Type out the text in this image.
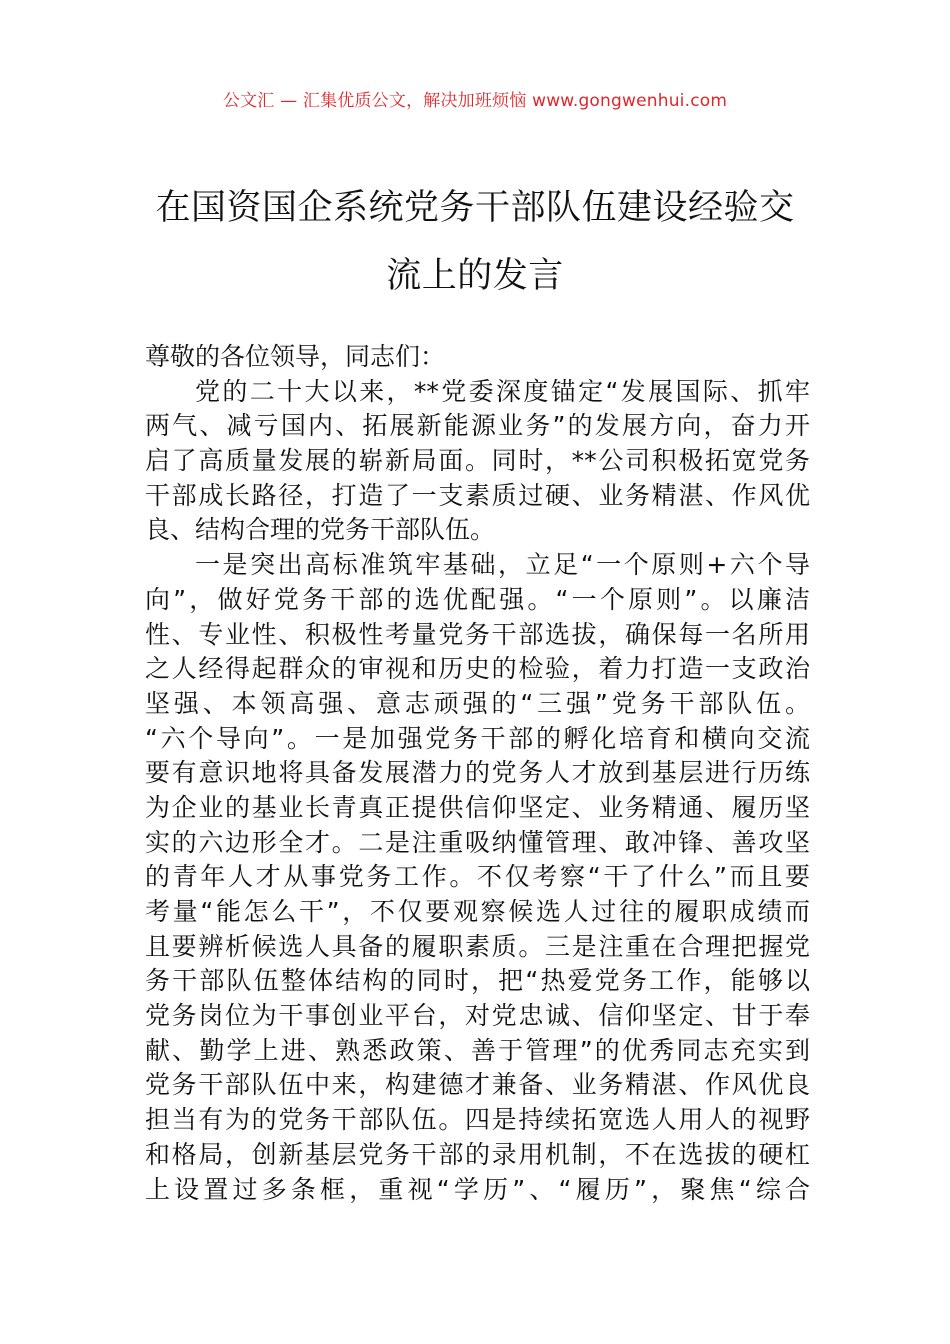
公文汇 — 汇集优质公文，解决加班烦恼 www.gongwenhui.com
在国资国企系统党务干部队伍建设经验交
流上的发言
尊敬的各位领导，同志们：
党的二十大以来，**党委深度锚定“发展国际、抓牢
两气、减亏国内、拓展新能源业务”的发展方向，奋力开
启了高质量发展的崭新局面。同时，**公司积极拓宽党务
干部成长路径，打造了一支素质过硬、业务精湛、作风优
良、结构合理的党务干部队伍。
一是突出高标准筑牢基础，立足“一个原则+六个导
向”，做好党务干部的选优配强。“一个原则”。以廉洁
性、专业性、积极性考量党务干部选拔，确保每一名所用
之人经得起群众的审视和历史的检验，着力打造一支政治
坚强、本领高强、意志顽强的“三强”党务干部队伍。
“六个导向”。一是加强党务干部的孵化培育和横向交流
要有意识地将具备发展潜力的党务人才放到基层进行历练
为企业的基业长青真正提供信仰坚定、业务精通、履历坚
实的六边形全才。二是注重吸纳懂管理、敢冲锋、善攻坚
的青年人才从事党务工作。不仅考察“干了什么”而且要
考量“能怎么干”，不仅要观察候选人过往的履职成绩而
且要辨析候选人具备的履职素质。三是注重在合理把握党
务干部队伍整体结构的同时，把“热爱党务工作，能够以
党务岗位为干事创业平台，对党忠诚、信仰坚定、甘于奉
献、勤学上进、熟悉政策、善于管理”的优秀同志充实到
党务干部队伍中来，构建德才兼备、业务精湛、作风优良
担当有为的党务干部队伍。四是持续拓宽选人用人的视野
和格局，创新基层党务干部的录用机制，不在选拔的硬杠
上设置过多条框，重视“学历”、“履历”，聚焦“综合
